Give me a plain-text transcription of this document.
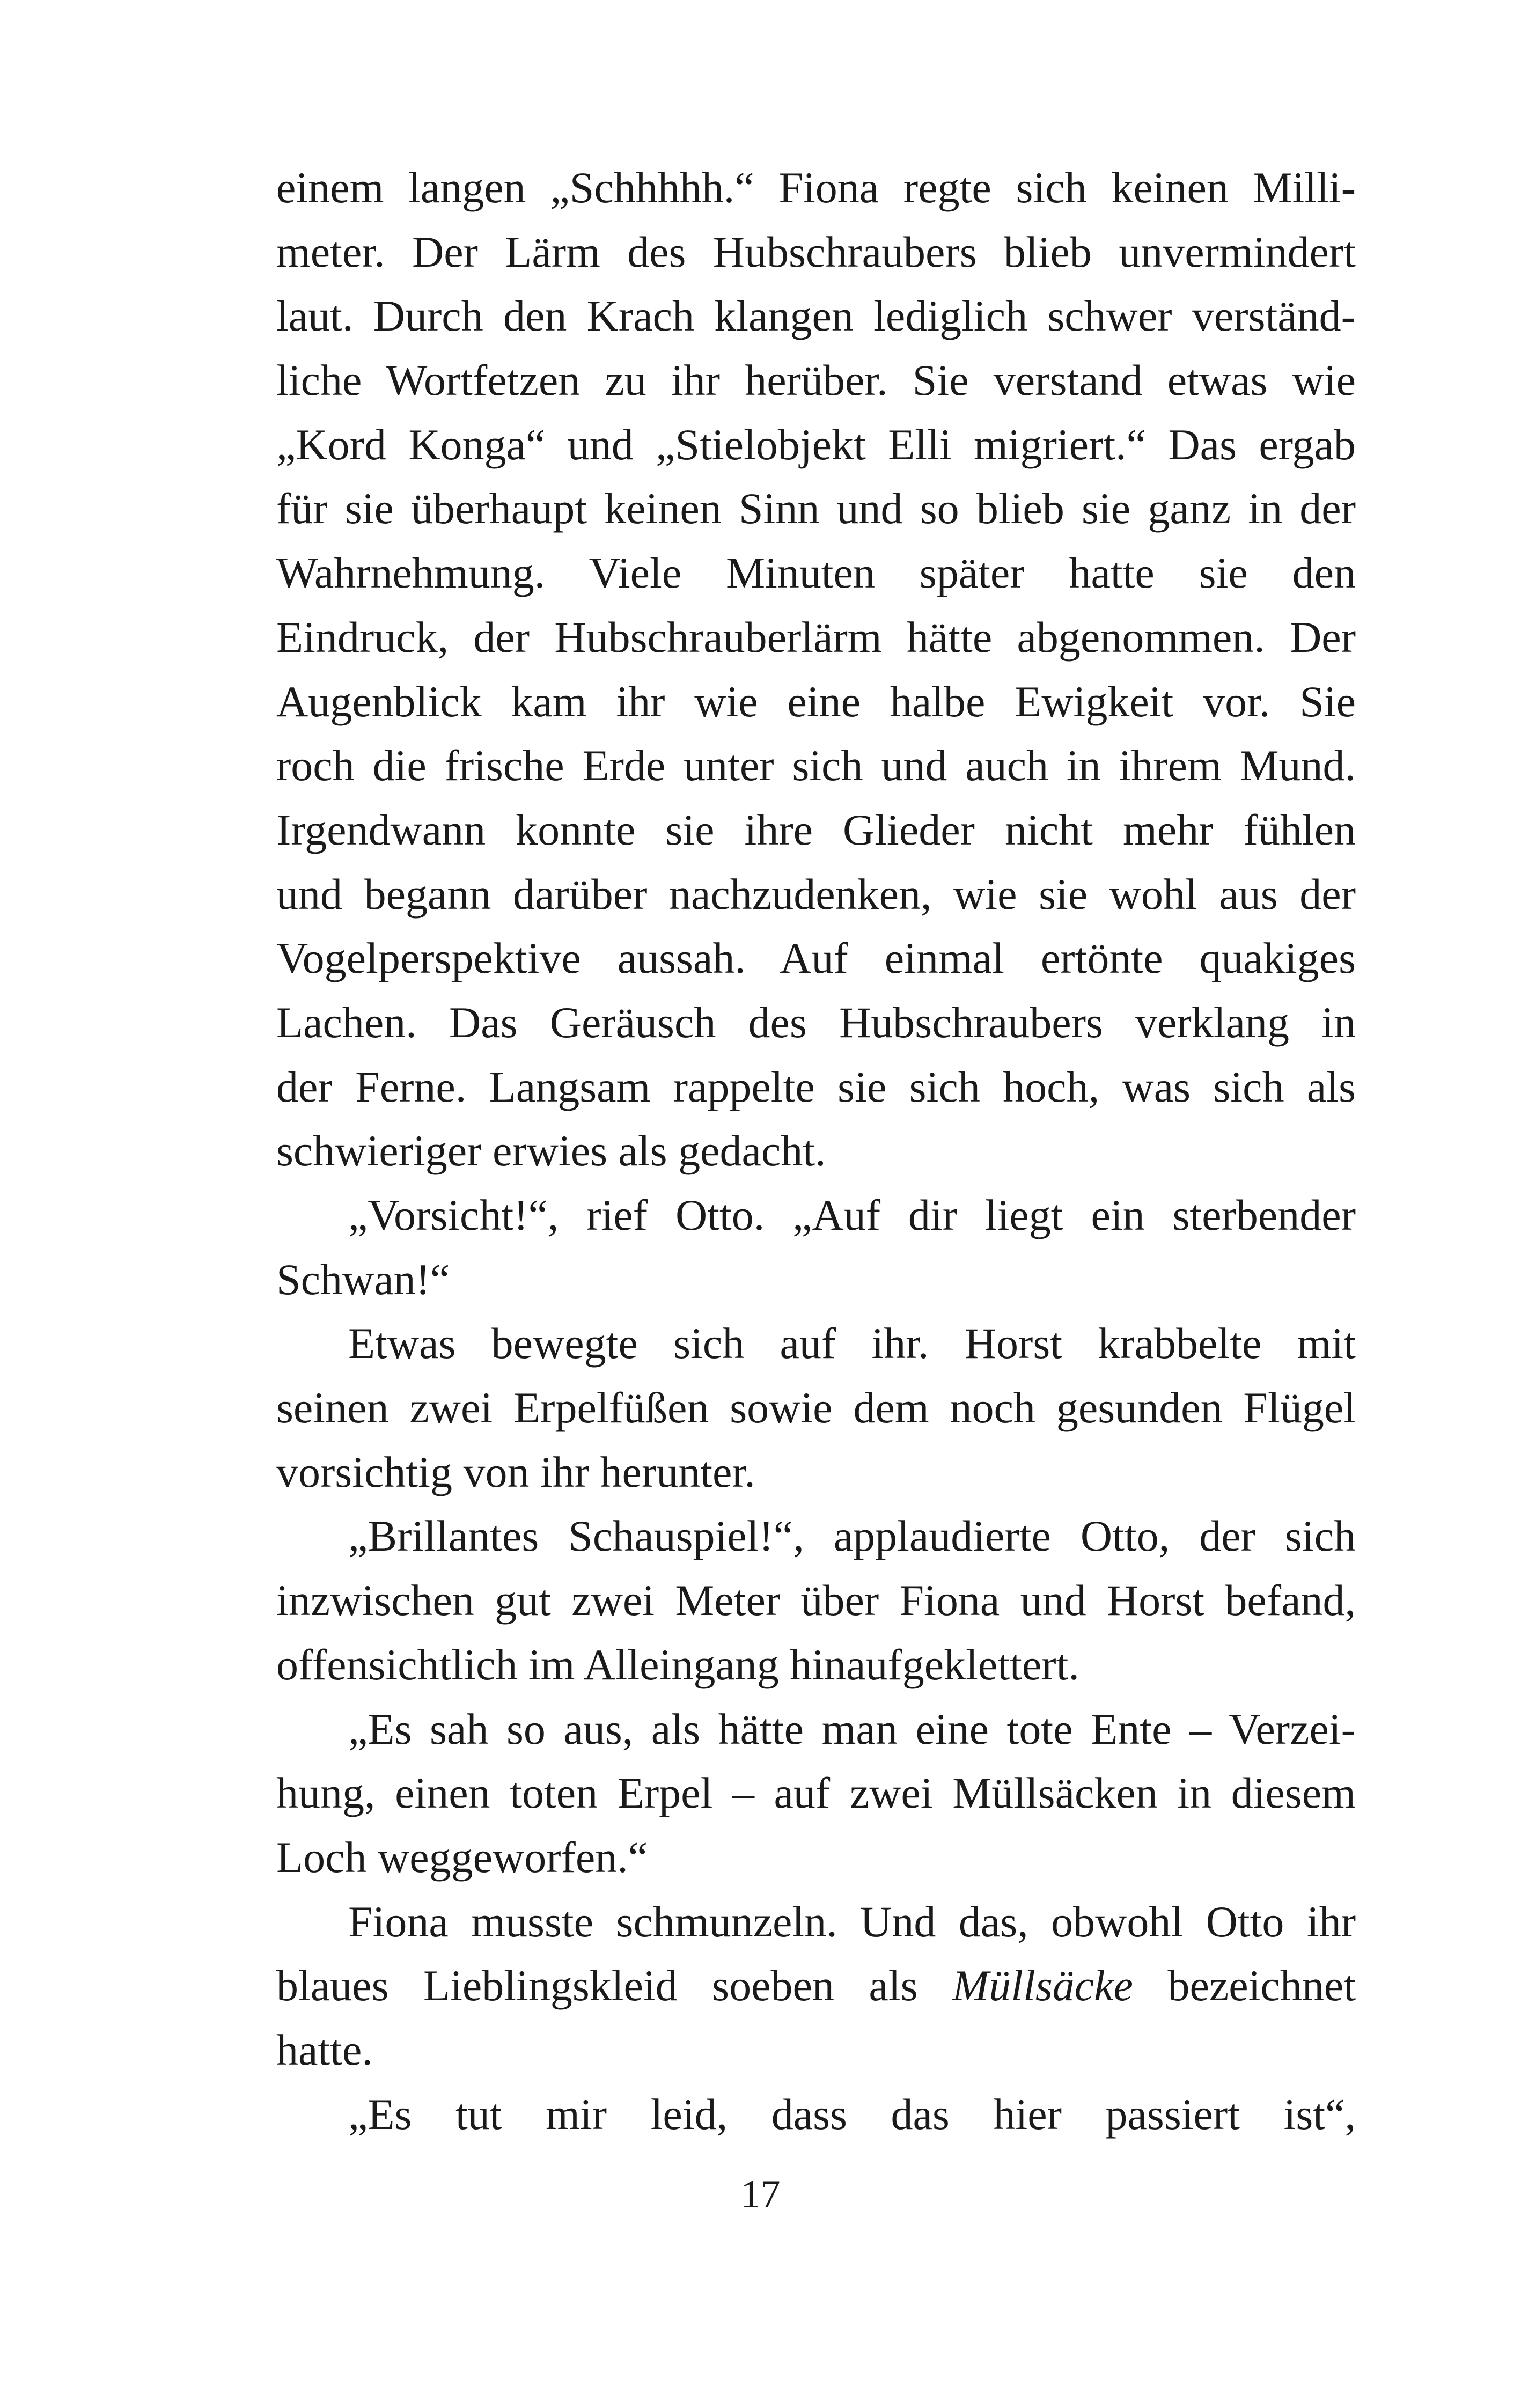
einem langen „Schhhhh.“ Fiona regte sich keinen Milli-
meter. Der Lärm des Hubschraubers blieb unvermindert
laut. Durch den Krach klangen lediglich schwer verständ-
liche Wortfetzen zu ihr herüber. Sie verstand etwas wie
„Kord Konga“ und „Stielobjekt Elli migriert.“ Das ergab
für sie überhaupt keinen Sinn und so blieb sie ganz in der
Wahrnehmung. Viele Minuten später hatte sie den
Eindruck, der Hubschrauberlärm hätte abgenommen. Der
Augenblick kam ihr wie eine halbe Ewigkeit vor. Sie
roch die frische Erde unter sich und auch in ihrem Mund.
Irgendwann konnte sie ihre Glieder nicht mehr fühlen
und begann darüber nachzudenken, wie sie wohl aus der
Vogelperspektive aussah. Auf einmal ertönte quakiges
Lachen. Das Geräusch des Hubschraubers verklang in
der Ferne. Langsam rappelte sie sich hoch, was sich als
schwieriger erwies als gedacht.
„Vorsicht!“, rief Otto. „Auf dir liegt ein sterbender
Schwan!“
Etwas bewegte sich auf ihr. Horst krabbelte mit
seinen zwei Erpelfüßen sowie dem noch gesunden Flügel
vorsichtig von ihr herunter.
„Brillantes Schauspiel!“, applaudierte Otto, der sich
inzwischen gut zwei Meter über Fiona und Horst befand,
offensichtlich im Alleingang hinaufgeklettert.
„Es sah so aus, als hätte man eine tote Ente – Verzei-
hung, einen toten Erpel – auf zwei Müllsäcken in diesem
Loch weggeworfen.“
Fiona musste schmunzeln. Und das, obwohl Otto ihr
blaues Lieblingskleid soeben als Müllsäcke bezeichnet
hatte.
„Es tut mir leid, dass das hier passiert ist“,
17
